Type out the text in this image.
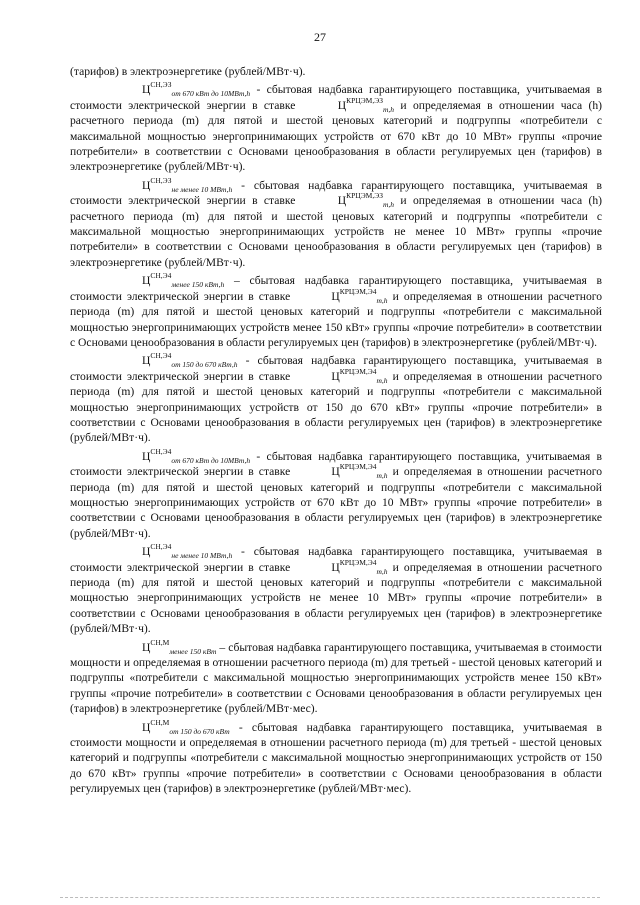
27

(тарифов) в электроэнергетике (рублей/МВт·ч).

$Ц^{СН,ЭЗ}_{от 670 кВт до 10МВт,h}$ - сбытовая надбавка гарантирующего поставщика, учитываемая в стоимости электрической энергии в ставке	$Ц^{КРЦЭМ,ЭЗ}_{m,h}$ и определяемая в отношении часа (h) расчетного периода (m) для пятой и шестой ценовых категорий и подгруппы «потребители с максимальной мощностью энергопринимающих устройств от 670 кВт до 10 МВт» группы «прочие потребители» в соответствии с Основами ценообразования в области регулируемых цен (тарифов) в электроэнергетике (рублей/МВт·ч).

$Ц^{СН,ЭЗ}_{не менее 10 МВт,h}$ - сбытовая надбавка гарантирующего поставщика, учитываемая в стоимости электрической энергии в ставке	$Ц^{КРЦЭМ,ЭЗ}_{m,h}$ и определяемая в отношении часа (h) расчетного периода (m) для пятой и шестой ценовых категорий и подгруппы «потребители с максимальной мощностью энергопринимающих устройств не менее 10 МВт» группы «прочие потребители» в соответствии с Основами ценообразования в области регулируемых цен (тарифов) в электроэнергетике (рублей/МВт·ч).

$Ц^{СН,Э4}_{менее 150 кВт,h}$ – сбытовая надбавка гарантирующего поставщика, учитываемая в стоимости электрической энергии в ставке	$Ц^{КРЦЭМ,Э4}_{m,h}$ и определяемая в отношении расчетного периода (m) для пятой и шестой ценовых категорий и подгруппы «потребители с максимальной мощностью энергопринимающих устройств менее 150 кВт» группы «прочие потребители» в соответствии с Основами ценообразования в области регулируемых цен (тарифов) в электроэнергетике (рублей/МВт·ч).

$Ц^{СН,Э4}_{от 150 до 670 кВт,h}$ - сбытовая надбавка гарантирующего поставщика, учитываемая в стоимости электрической энергии в ставке	$Ц^{КРЦЭМ,Э4}_{m,h}$ и определяемая в отношении расчетного периода (m) для пятой и шестой ценовых категорий и подгруппы «потребители с максимальной мощностью энергопринимающих устройств от 150 до 670 кВт» группы «прочие потребители» в соответствии с Основами ценообразования в области регулируемых цен (тарифов) в электроэнергетике (рублей/МВт·ч).

$Ц^{СН,Э4}_{от 670 кВт до 10МВт,h}$ - сбытовая надбавка гарантирующего поставщика, учитываемая в стоимости электрической энергии в ставке	$Ц^{КРЦЭМ,Э4}_{m,h}$ и определяемая в отношении расчетного периода (m) для пятой и шестой ценовых категорий и подгруппы «потребители с максимальной мощностью энергопринимающих устройств от 670 кВт до 10 МВт» группы «прочие потребители» в соответствии с Основами ценообразования в области регулируемых цен (тарифов) в электроэнергетике (рублей/МВт·ч).

$Ц^{СН,Э4}_{не менее 10 МВт,h}$ - сбытовая надбавка гарантирующего поставщика, учитываемая в стоимости электрической энергии в ставке	$Ц^{КРЦЭМ,Э4}_{m,h}$ и определяемая в отношении расчетного периода (m) для пятой и шестой ценовых категорий и подгруппы «потребители с максимальной мощностью энергопринимающих устройств не менее 10 МВт» группы «прочие потребители» в соответствии с Основами ценообразования в области регулируемых цен (тарифов) в электроэнергетике (рублей/МВт·ч).

$Ц^{СН,М}_{менее 150 кВт}$ – сбытовая надбавка гарантирующего поставщика, учитываемая в стоимости мощности и определяемая в отношении расчетного периода (m) для третьей - шестой ценовых категорий и подгруппы «потребители с максимальной мощностью энергопринимающих устройств менее 150 кВт» группы «прочие потребители» в соответствии с Основами ценообразования в области регулируемых цен (тарифов) в электроэнергетике (рублей/МВт·мес).

$Ц^{СН,М}_{от 150 до 670 кВт}$ - сбытовая надбавка гарантирующего поставщика, учитываемая в стоимости мощности и определяемая в отношении расчетного периода (m) для третьей - шестой ценовых категорий и подгруппы «потребители с максимальной мощностью энергопринимающих устройств от 150 до 670 кВт» группы «прочие потребители» в соответствии с Основами ценообразования в области регулируемых цен (тарифов) в электроэнергетике (рублей/МВт·мес).
